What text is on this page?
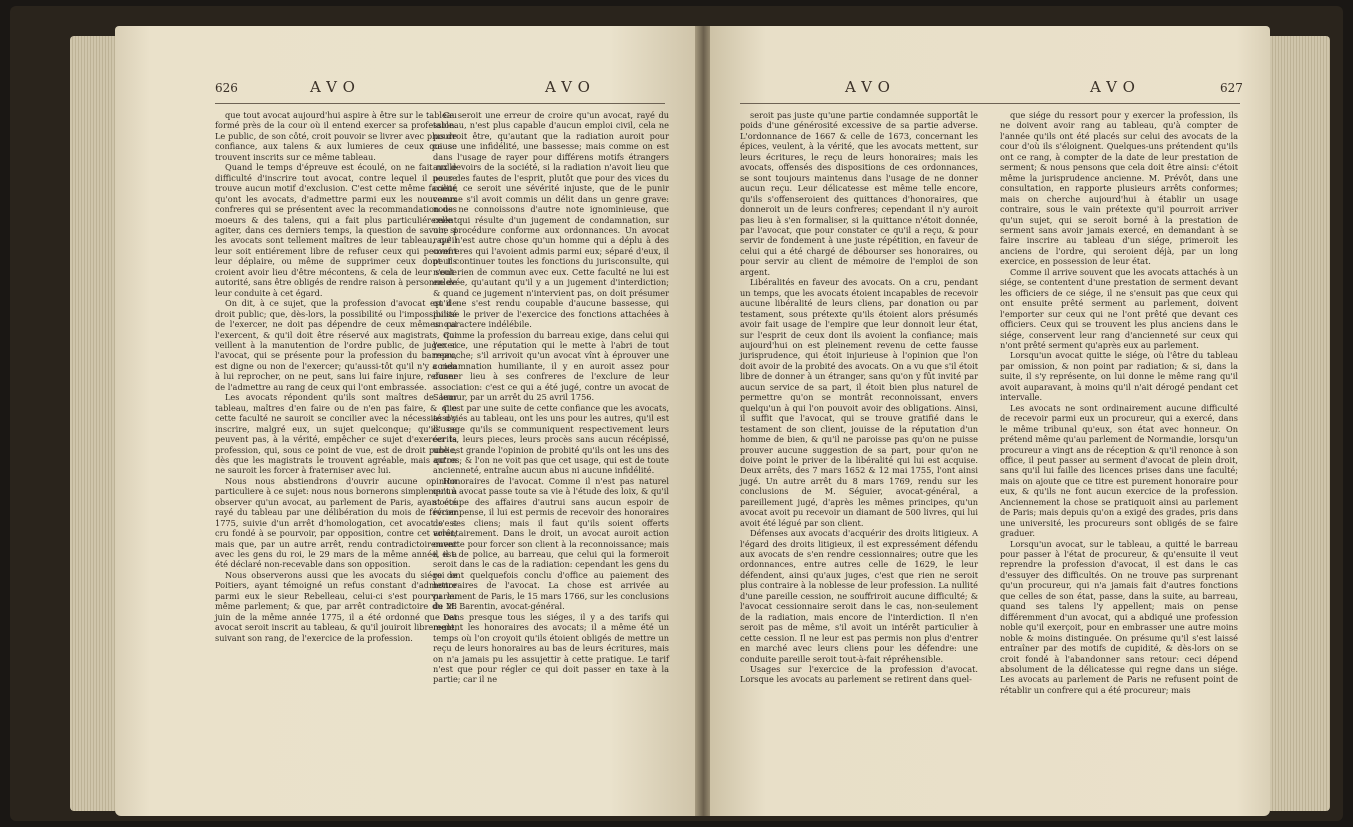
626	AVO	AVO

que tout avocat aujourd'hui aspire à être sur le tableau formé près de la cour où il entend exercer sa profession. Le public, de son côté, croit pouvoir se livrer avec plus de confiance, aux talens & aux lumieres de ceux qui se trouvent inscrits sur ce même tableau.

Quand le temps d'épreuve est écoulé, on ne fait nulle difficulté d'inscrire tout avocat, contre lequel il ne se trouve aucun motif d'exclusion. C'est cette même facilité qu'ont les avocats, d'admettre parmi eux les nouveaux confreres qui se présentent avec la recommandation des moeurs & des talens, qui a fait plus particuliérement agiter, dans ces derniers temps, la question de savoir, si les avocats sont tellement maîtres de leur tableau, qu'il leur soit entiérement libre de refuser ceux qui peuvent leur déplaire, ou même de supprimer ceux dont ils croient avoir lieu d'être mécontens, & cela de leur seule autorité, sans être obligés de rendre raison à personne de leur conduite à cet égard.

On dit, à ce sujet, que la profession d'avocat est de droit public; que, dès-lors, la possibilité ou l'impossibilité de l'exercer, ne doit pas dépendre de ceux mêmes qui l'exercent, & qu'il doit être réservé aux magistrats, qui veillent à la manutention de l'ordre public, de juger si l'avocat, qui se présente pour la profession du barreau, est digne ou non de l'exercer; qu'aussi-tôt qu'il n'y a rien à lui reprocher, on ne peut, sans lui faire injure, refuser de l'admettre au rang de ceux qui l'ont embrassée.

Les avocats répondent qu'ils sont maîtres de leur tableau, maîtres d'en faire ou de n'en pas faire, & que cette faculté ne sauroit se concilier avec la nécessité d'y inscrire, malgré eux, un sujet quelconque; qu'ils ne peuvent pas, à la vérité, empêcher ce sujet d'exercer la profession, qui, sous ce point de vue, est de droit public, dès que les magistrats le trouvent agréable, mais qu'on ne sauroit les forcer à fraterniser avec lui.

Nous nous abstiendrons d'ouvrir aucune opinion particuliere à ce sujet: nous nous bornerons simplement à observer qu'un avocat, au parlement de Paris, ayant été rayé du tableau par une délibération du mois de février 1775, suivie d'un arrêt d'homologation, cet avocat s'est cru fondé à se pourvoir, par opposition, contre cet arrêt; mais que, par un autre arrêt, rendu contradictoirement avec les gens du roi, le 29 mars de la même année, il a été déclaré non-recevable dans son opposition.

Nous observerons aussi que les avocats du siége de Poitiers, ayant témoigné un refus constant d'admettre parmi eux le sieur Rebelleau, celui-ci s'est pourvu au même parlement; & que, par arrêt contradictoire du 28 juin de la même année 1775, il a été ordonné que cet avocat seroit inscrit au tableau, & qu'il jouiroit librement, suivant son rang, de l'exercice de la profession.

Ce seroit une erreur de croire qu'un avocat, rayé du tableau, n'est plus capable d'aucun emploi civil, cela ne pourroit être, qu'autant que la radiation auroit pour cause une infidélité, une bassesse; mais comme on est dans l'usage de rayer pour différens motifs étrangers aux devoirs de la société, si la radiation n'avoit lieu que pour des fautes de l'esprit, plutôt que pour des vices du coeur, ce seroit une sévérité injuste, que de le punir comme s'il avoit commis un délit dans un genre grave: nous ne connoissons d'autre note ignominieuse, que celle qui résulte d'un jugement de condamnation, sur une procédure conforme aux ordonnances. Un avocat rayé n'est autre chose qu'un homme qui a déplu à des confreres qui l'avoient admis parmi eux; séparé d'eux, il peut continuer toutes les fonctions du jurisconsulte, qui n'ont rien de commun avec eux. Cette faculté ne lui est enlevée, qu'autant qu'il y a un jugement d'interdiction; & quand ce jugement n'intervient pas, on doit présumer qu'il ne s'est rendu coupable d'aucune bassesse, qui puisse le priver de l'exercice des fonctions attachées à un caractere indélébile.

Comme la profession du barreau exige, dans celui qui l'exerce, une réputation qui le mette à l'abri de tout reproche; s'il arrivoit qu'un avocat vînt à éprouver une condamnation humiliante, il y en auroit assez pour donner lieu à ses confreres de l'exclure de leur association: c'est ce qui a été jugé, contre un avocat de Saumur, par un arrêt du 25 avril 1756.

C'est par une suite de cette confiance que les avocats, associés au tableau, ont les uns pour les autres, qu'il est d'usage qu'ils se communiquent respectivement leurs écrits, leurs pieces, leurs procès sans aucun récépissé, une est grande l'opinion de probité qu'ils ont les uns des autres; & l'on ne voit pas que cet usage, qui est de toute ancienneté, entraîne aucun abus ni aucune infidélité.

Honoraires de l'avocat. Comme il n'est pas naturel qu'un avocat passe toute sa vie à l'étude des loix, & qu'il s'occupe des affaires d'autrui sans aucun espoir de récompense, il lui est permis de recevoir des honoraires de ses cliens; mais il faut qu'ils soient offerts volontairement. Dans le droit, un avocat auroit action ouverte pour forcer son client à la reconnoissance; mais il est de police, au barreau, que celui qui la formeroit seroit dans le cas de la radiation: cependant les gens du roi ont quelquefois conclu d'office au paiement des honoraires de l'avocat. La chose est arrivée au parlement de Paris, le 15 mars 1766, sur les conclusions de M. Barentin, avocat-général.

Dans presque tous les siéges, il y a des tarifs qui reglent les honoraires des avocats; il a même été un temps où l'on croyoit qu'ils étoient obligés de mettre un reçu de leurs honoraires au bas de leurs écritures, mais on n'a jamais pu les assujettir à cette pratique. Le tarif n'est que pour régler ce qui doit passer en taxe à la partie; car il ne

AVO	AVO	627

seroit pas juste qu'une partie condamnée supportât le poids d'une générosité excessive de sa partie adverse. L'ordonnance de 1667 & celle de 1673, concernant les épices, veulent, à la vérité, que les avocats mettent, sur leurs écritures, le reçu de leurs honoraires; mais les avocats, offensés des dispositions de ces ordonnances, se sont toujours maintenus dans l'usage de ne donner aucun reçu. Leur délicatesse est même telle encore, qu'ils s'offenseroient des quittances d'honoraires, que donneroit un de leurs confreres; cependant il n'y auroit pas lieu à s'en formaliser, si la quittance n'étoit donnée, par l'avocat, que pour constater ce qu'il a reçu, & pour servir de fondement à une juste répétition, en faveur de celui qui a été chargé de débourser ses honoraires, ou pour servir au client de mémoire de l'emploi de son argent.

Libéralités en faveur des avocats. On a cru, pendant un temps, que les avocats étoient incapables de recevoir aucune libéralité de leurs cliens, par donation ou par testament, sous prétexte qu'ils étoient alors présumés avoir fait usage de l'empire que leur donnoit leur état, sur l'esprit de ceux dont ils avoient la confiance; mais aujourd'hui on est pleinement revenu de cette fausse jurisprudence, qui étoit injurieuse à l'opinion que l'on doit avoir de la probité des avocats. On a vu que s'il étoit libre de donner à un étranger, sans qu'on y fût invité par aucun service de sa part, il étoit bien plus naturel de permettre qu'on se montrât reconnoissant, envers quelqu'un à qui l'on pouvoit avoir des obligations. Ainsi, il suffit que l'avocat, qui se trouve gratifié dans le testament de son client, jouisse de la réputation d'un homme de bien, & qu'il ne paroisse pas qu'on ne puisse prouver aucune suggestion de sa part, pour qu'on ne doive point le priver de la libéralité qui lui est acquise. Deux arrêts, des 7 mars 1652 & 12 mai 1755, l'ont ainsi jugé. Un autre arrêt du 8 mars 1769, rendu sur les conclusions de M. Séguier, avocat-général, a pareillement jugé, d'après les mêmes principes, qu'un avocat avoit pu recevoir un diamant de 500 livres, qui lui avoit été légué par son client.

Défenses aux avocats d'acquérir des droits litigieux. A l'égard des droits litigieux, il est expressément défendu aux avocats de s'en rendre cessionnaires; outre que les ordonnances, entre autres celle de 1629, le leur défendent, ainsi qu'aux juges, c'est que rien ne seroit plus contraire à la noblesse de leur profession. La nullité d'une pareille cession, ne souffriroit aucune difficulté; & l'avocat cessionnaire seroit dans le cas, non-seulement de la radiation, mais encore de l'interdiction. Il n'en seroit pas de même, s'il avoit un intérêt particulier à cette cession. Il ne leur est pas permis non plus d'entrer en marché avec leurs cliens pour les défendre: une conduite pareille seroit tout-à-fait répréhensible.

Usages sur l'exercice de la profession d'avocat. Lorsque les avocats au parlement se retirent dans quel-

que siége du ressort pour y exercer la profession, ils ne doivent avoir rang au tableau, qu'à compter de l'année qu'ils ont été placés sur celui des avocats de la cour d'où ils s'éloignent. Quelques-uns prétendent qu'ils ont ce rang, à compter de la date de leur prestation de serment; & nous pensons que cela doit être ainsi: c'étoit même la jurisprudence ancienne. M. Prévôt, dans une consultation, en rapporte plusieurs arrêts conformes; mais on cherche aujourd'hui à établir un usage contraire, sous le vain prétexte qu'il pourroit arriver qu'un sujet, qui se seroit borné à la prestation de serment sans avoir jamais exercé, en demandant à se faire inscrire au tableau d'un siége, primeroit les anciens de l'ordre, qui seroient déjà, par un long exercice, en possession de leur état.

Comme il arrive souvent que les avocats attachés à un siége, se contentent d'une prestation de serment devant les officiers de ce siége, il ne s'ensuit pas que ceux qui ont ensuite prêté serment au parlement, doivent l'emporter sur ceux qui ne l'ont prêté que devant ces officiers. Ceux qui se trouvent les plus anciens dans le siége, conservent leur rang d'ancienneté sur ceux qui n'ont prêté serment qu'après eux au parlement.

Lorsqu'un avocat quitte le siége, où l'être du tableau par omission, & non point par radiation; & si, dans la suite, il s'y représente, on lui donne le même rang qu'il avoit auparavant, à moins qu'il n'ait dérogé pendant cet intervalle.

Les avocats ne sont ordinairement aucune difficulté de recevoir parmi eux un procureur, qui a exercé, dans le même tribunal qu'eux, son état avec honneur. On prétend même qu'au parlement de Normandie, lorsqu'un procureur a vingt ans de réception & qu'il renonce à son office, il peut passer au serment d'avocat de plein droit, sans qu'il lui faille des licences prises dans une faculté; mais on ajoute que ce titre est purement honoraire pour eux, & qu'ils ne font aucun exercice de la profession. Anciennement la chose se pratiquoit ainsi au parlement de Paris; mais depuis qu'on a exigé des grades, pris dans une université, les procureurs sont obligés de se faire graduer.

Lorsqu'un avocat, sur le tableau, a quitté le barreau pour passer à l'état de procureur, & qu'ensuite il veut reprendre la profession d'avocat, il est dans le cas d'essuyer des difficultés. On ne trouve pas surprenant qu'un procureur, qui n'a jamais fait d'autres fonctions que celles de son état, passe, dans la suite, au barreau, quand ses talens l'y appellent; mais on pense différemment d'un avocat, qui a abdiqué une profession noble qu'il exerçoit, pour en embrasser une autre moins noble & moins distinguée. On présume qu'il s'est laissé entraîner par des motifs de cupidité, & dès-lors on se croit fondé à l'abandonner sans retour: ceci dépend absolument de la délicatesse qui regne dans un siége. Les avocats au parlement de Paris ne refusent point de rétablir un confrere qui a été procureur; mais
